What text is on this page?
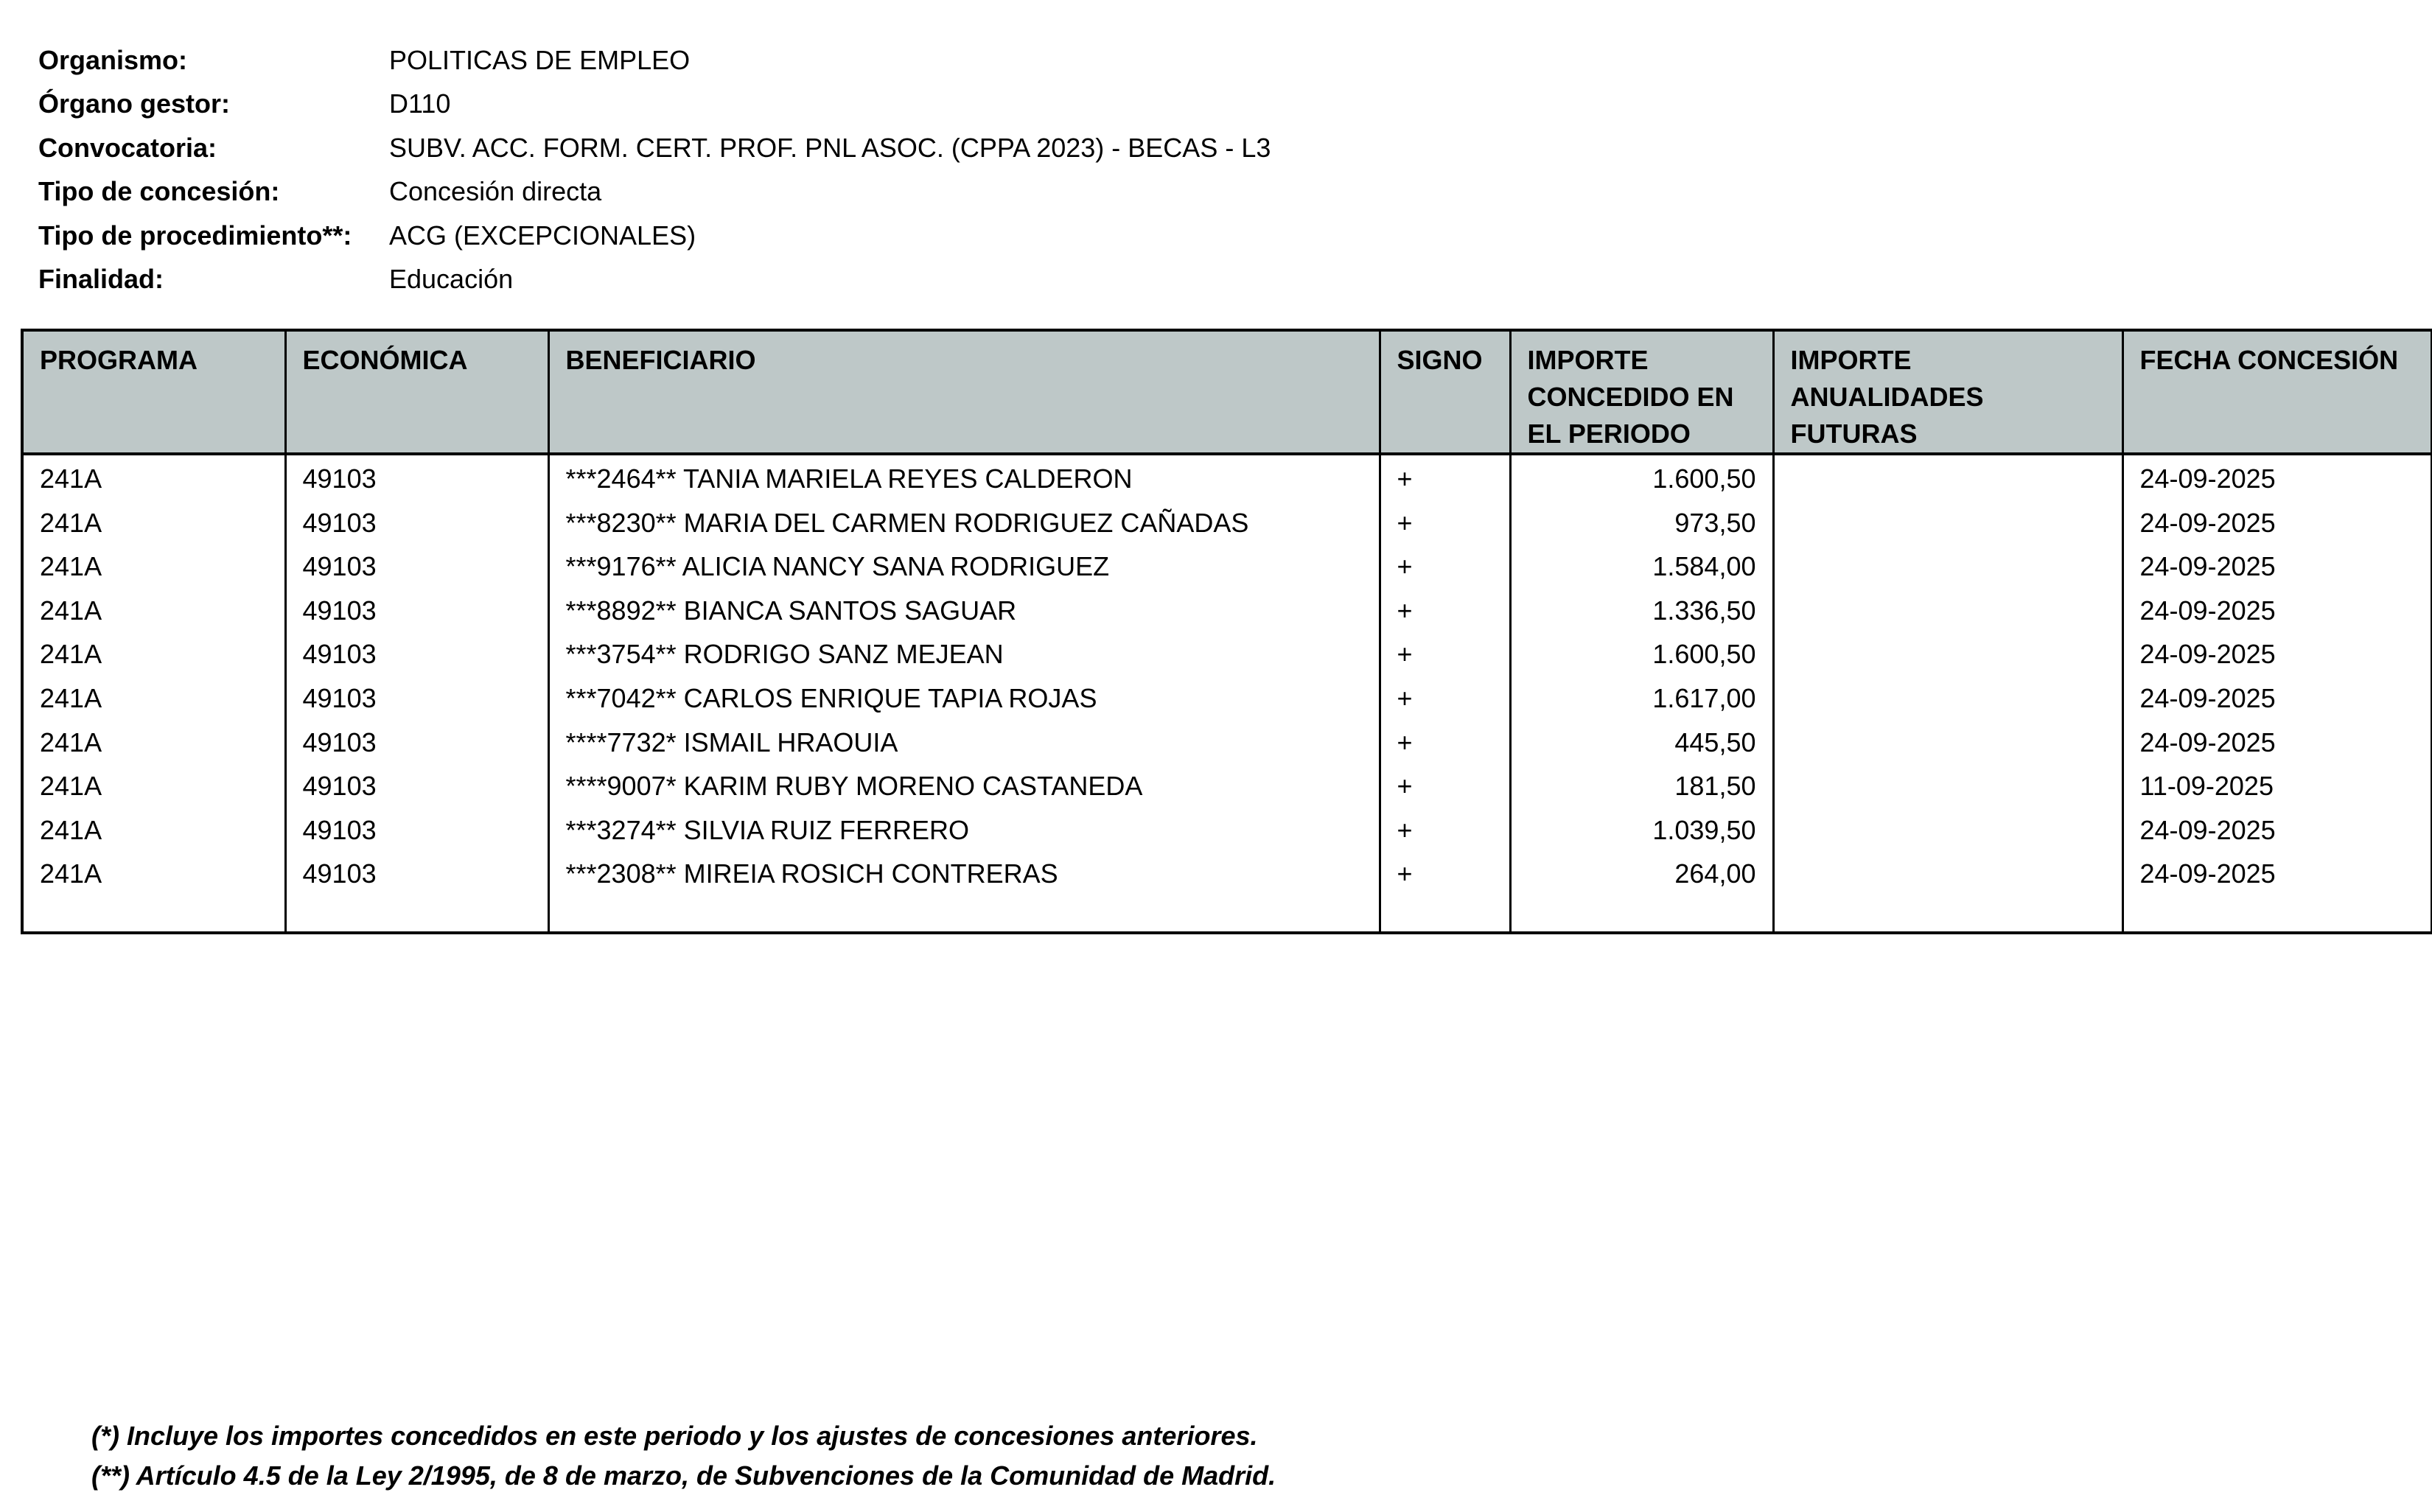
Organismo:	POLITICAS DE EMPLEO
Órgano gestor:	D110
Convocatoria:	SUBV. ACC. FORM. CERT. PROF. PNL ASOC. (CPPA 2023) - BECAS - L3
Tipo de concesión:	Concesión directa
Tipo de procedimiento**:	ACG (EXCEPCIONALES)
Finalidad:	Educación
PROGRAMA	ECONÓMICA	BENEFICIARIO	SIGNO	IMPORTE CONCEDIDO EN EL PERIODO	IMPORTE ANUALIDADES FUTURAS	FECHA CONCESIÓN
241A	49103	***2464** TANIA MARIELA REYES CALDERON	+	1.600,50		24-09-2025
241A	49103	***8230** MARIA DEL CARMEN RODRIGUEZ CAÑADAS	+	973,50		24-09-2025
241A	49103	***9176** ALICIA NANCY SANA RODRIGUEZ	+	1.584,00		24-09-2025
241A	49103	***8892** BIANCA SANTOS SAGUAR	+	1.336,50		24-09-2025
241A	49103	***3754** RODRIGO SANZ MEJEAN	+	1.600,50		24-09-2025
241A	49103	***7042** CARLOS ENRIQUE TAPIA ROJAS	+	1.617,00		24-09-2025
241A	49103	****7732* ISMAIL HRAOUIA	+	445,50		24-09-2025
241A	49103	****9007* KARIM RUBY MORENO CASTANEDA	+	181,50		11-09-2025
241A	49103	***3274** SILVIA RUIZ FERRERO	+	1.039,50		24-09-2025
241A	49103	***2308** MIREIA ROSICH CONTRERAS	+	264,00		24-09-2025

(*) Incluye los importes concedidos en este periodo y los ajustes de concesiones anteriores.
(**) Artículo 4.5 de la Ley 2/1995, de 8 de marzo, de Subvenciones de la Comunidad de Madrid.
